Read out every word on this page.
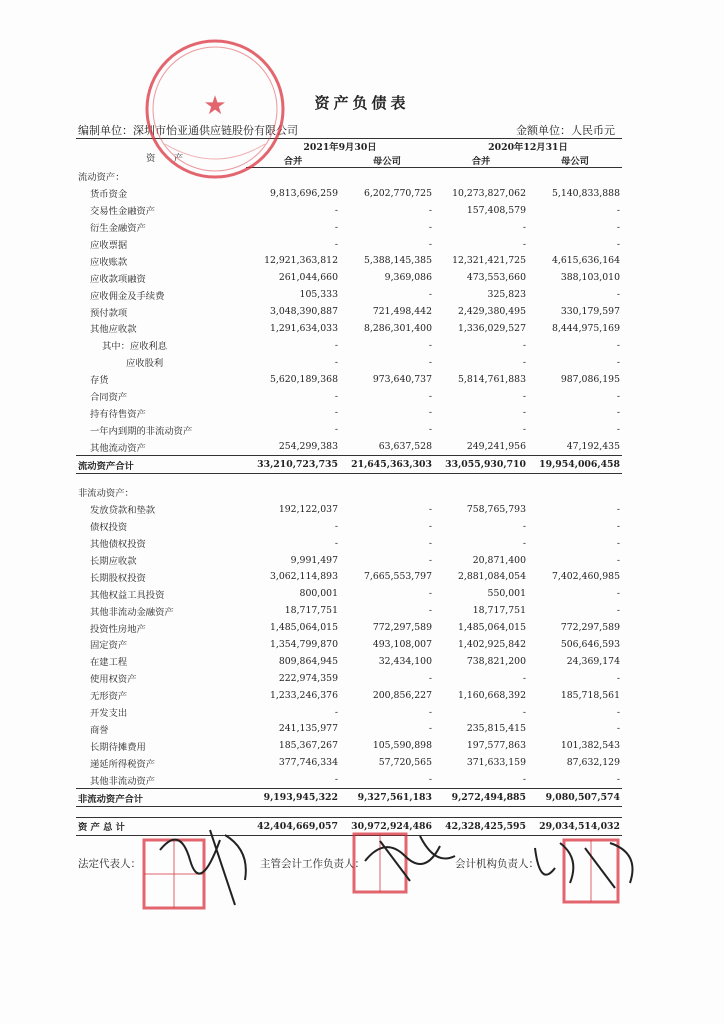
资产负债表
编制单位：深圳市怡亚通供应链股份有限公司	金额单位：人民币元
资　　产	2021年9月30日		2020年12月31日	
	合并	母公司	合并	母公司
流动资产：				
货币资金	9,813,696,259	6,202,770,725	10,273,827,062	5,140,833,888
交易性金融资产	-	-	157,408,579	-
衍生金融资产	-	-	-	-
应收票据	-	-	-	-
应收账款	12,921,363,812	5,388,145,385	12,321,421,725	4,615,636,164
应收款项融资	261,044,660	9,369,086	473,553,660	388,103,010
应收佣金及手续费	105,333	-	325,823	-
预付款项	3,048,390,887	721,498,442	2,429,380,495	330,179,597
其他应收款	1,291,634,033	8,286,301,400	1,336,029,527	8,444,975,169
其中：应收利息	-	-	-	-
应收股利	-	-	-	-
存货	5,620,189,368	973,640,737	5,814,761,883	987,086,195
合同资产	-	-	-	-
持有待售资产	-	-	-	-
一年内到期的非流动资产	-	-	-	-
其他流动资产	254,299,383	63,637,528	249,241,956	47,192,435
流动资产合计	33,210,723,735	21,645,363,303	33,055,930,710	19,954,006,458

非流动资产：				
发放贷款和垫款	192,122,037	-	758,765,793	-
债权投资	-	-	-	-
其他债权投资	-	-	-	-
长期应收款	9,991,497	-	20,871,400	-
长期股权投资	3,062,114,893	7,665,553,797	2,881,084,054	7,402,460,985
其他权益工具投资	800,001	-	550,001	-
其他非流动金融资产	18,717,751	-	18,717,751	-
投资性房地产	1,485,064,015	772,297,589	1,485,064,015	772,297,589
固定资产	1,354,799,870	493,108,007	1,402,925,842	506,646,593
在建工程	809,864,945	32,434,100	738,821,200	24,369,174
使用权资产	222,974,359	-	-	-
无形资产	1,233,246,376	200,856,227	1,160,668,392	185,718,561
开发支出	-	-	-	-
商誉	241,135,977	-	235,815,415	-
长期待摊费用	185,367,267	105,590,898	197,577,863	101,382,543
递延所得税资产	377,746,334	57,720,565	371,633,159	87,632,129
其他非流动资产	-	-	-	-
非流动资产合计	9,193,945,322	9,327,561,183	9,272,494,885	9,080,507,574

资 产 总 计	42,404,669,057	30,972,924,486	42,328,425,595	29,034,514,032
★
法定代表人：	主管会计工作负责人：	会计机构负责人：
